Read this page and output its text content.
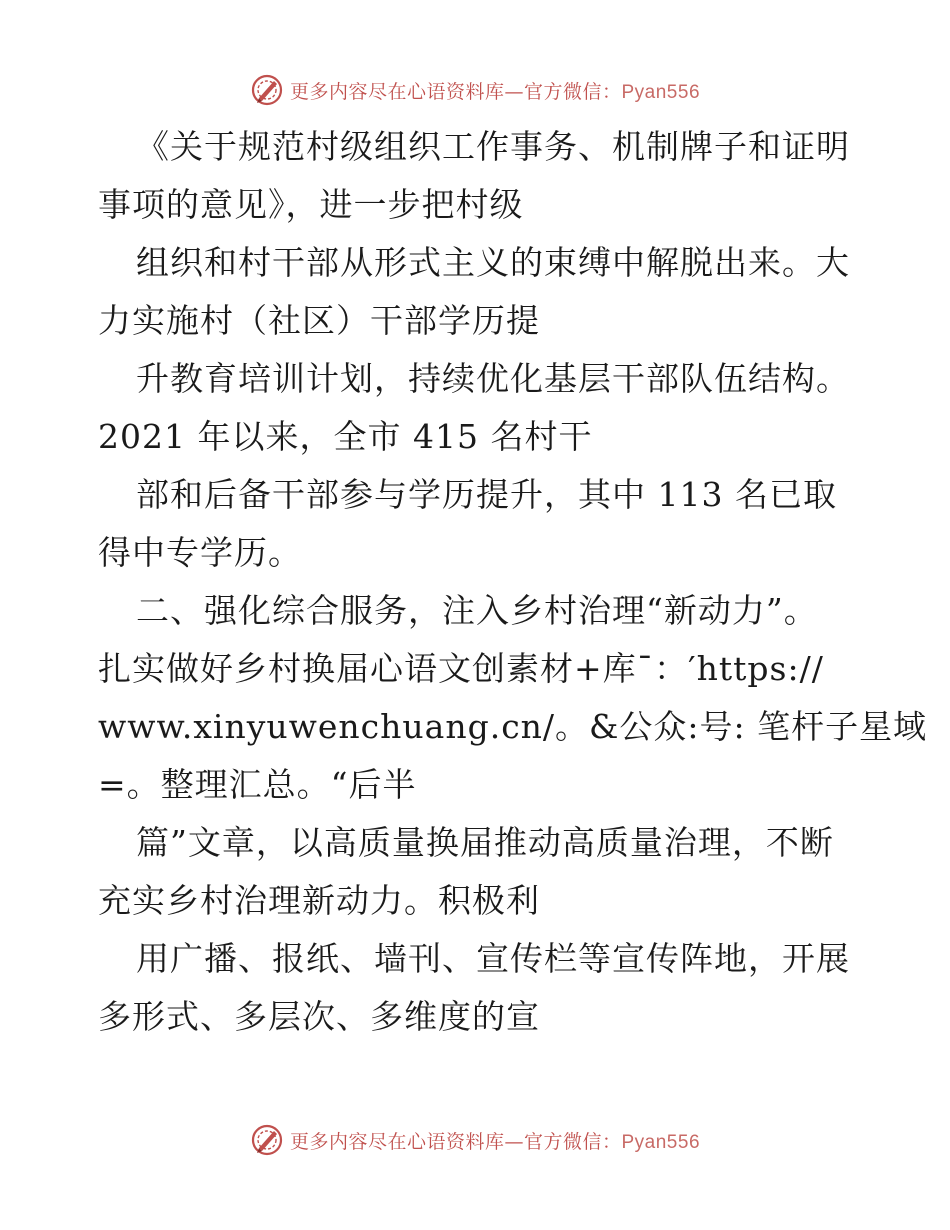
更多内容尽在心语资料库—官方微信：Pyan556
《关于规范村级组织工作事务、机制牌子和证明
事项的意见》，进一步把村级
组织和村干部从形式主义的束缚中解脱出来。大
力实施村（社区）干部学历提
升教育培训计划，持续优化基层干部队伍结构。
2021 年以来，全市 415 名村干
部和后备干部参与学历提升，其中 113 名已取
得中专学历。
二、强化综合服务，注入乡村治理“新动力”。
扎实做好乡村换届心语文创素材+库¯：′https://
www.xinyuwenchuang.cn/。&公众:号: 笔杆子星域
=。整理汇总。“后半
篇”文章，以高质量换届推动高质量治理，不断
充实乡村治理新动力。积极利
用广播、报纸、墙刊、宣传栏等宣传阵地，开展
多形式、多层次、多维度的宣
更多内容尽在心语资料库—官方微信：Pyan556
